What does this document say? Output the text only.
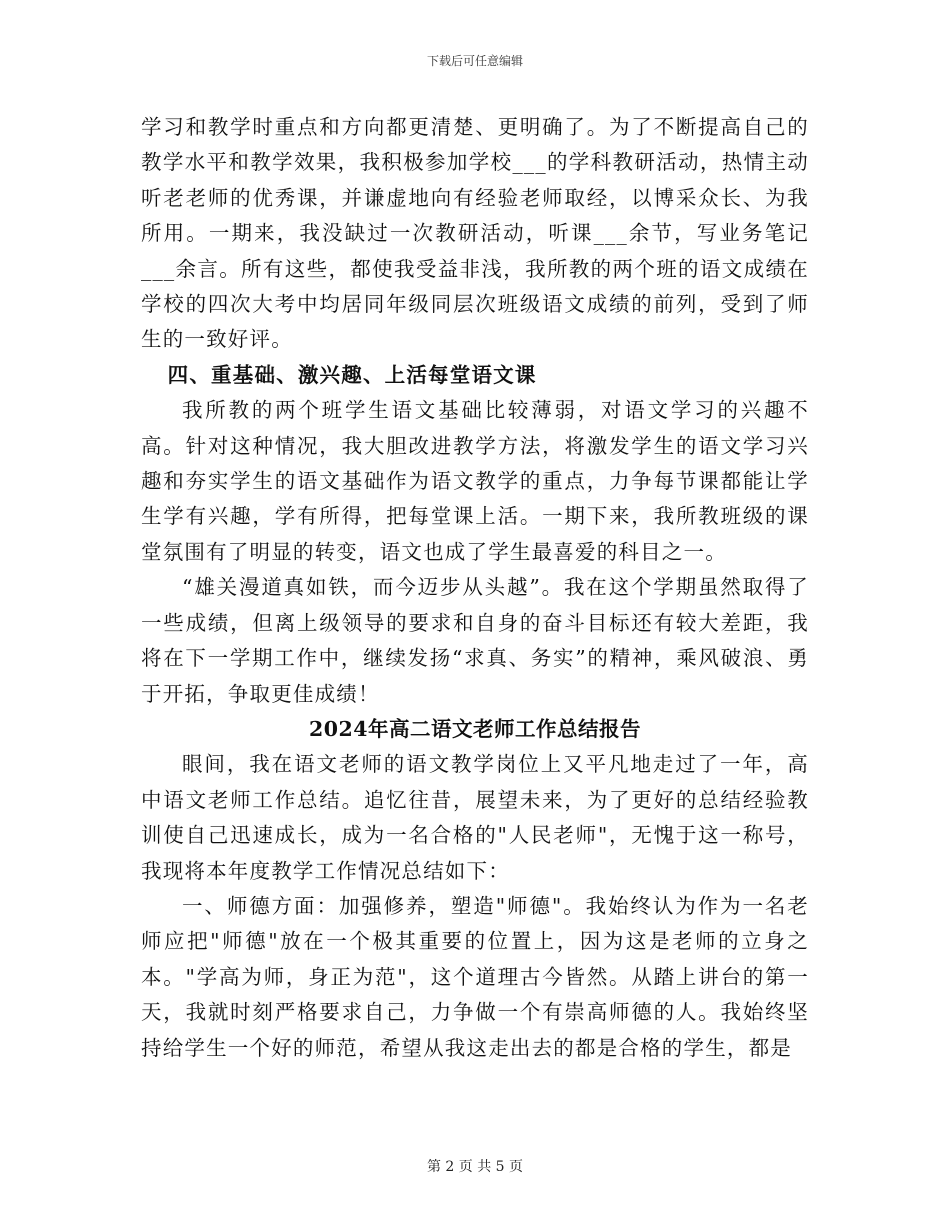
下载后可任意编辑

学习和教学时重点和方向都更清楚、更明确了。为了不断提高自己的教学水平和教学效果，我积极参加学校___的学科教研活动，热情主动听老老师的优秀课，并谦虚地向有经验老师取经，以博采众长、为我所用。一期来，我没缺过一次教研活动，听课___余节，写业务笔记___余言。所有这些，都使我受益非浅，我所教的两个班的语文成绩在学校的四次大考中均居同年级同层次班级语文成绩的前列，受到了师生的一致好评。

四、重基础、激兴趣、上活每堂语文课

我所教的两个班学生语文基础比较薄弱，对语文学习的兴趣不高。针对这种情况，我大胆改进教学方法，将激发学生的语文学习兴趣和夯实学生的语文基础作为语文教学的重点，力争每节课都能让学生学有兴趣，学有所得，把每堂课上活。一期下来，我所教班级的课堂氛围有了明显的转变，语文也成了学生最喜爱的科目之一。

“雄关漫道真如铁，而今迈步从头越”。我在这个学期虽然取得了一些成绩，但离上级领导的要求和自身的奋斗目标还有较大差距，我将在下一学期工作中，继续发扬“求真、务实”的精神，乘风破浪、勇于开拓，争取更佳成绩！

2024年高二语文老师工作总结报告

眼间，我在语文老师的语文教学岗位上又平凡地走过了一年，高中语文老师工作总结。追忆往昔，展望未来，为了更好的总结经验教训使自己迅速成长，成为一名合格的"人民老师"，无愧于这一称号，我现将本年度教学工作情况总结如下：

一、师德方面：加强修养，塑造"师德"。我始终认为作为一名老师应把"师德"放在一个极其重要的位置上，因为这是老师的立身之本。"学高为师，身正为范"，这个道理古今皆然。从踏上讲台的第一天，我就时刻严格要求自己，力争做一个有崇高师德的人。我始终坚持给学生一个好的师范，希望从我这走出去的都是合格的学生，都是

第 2 页 共 5 页
